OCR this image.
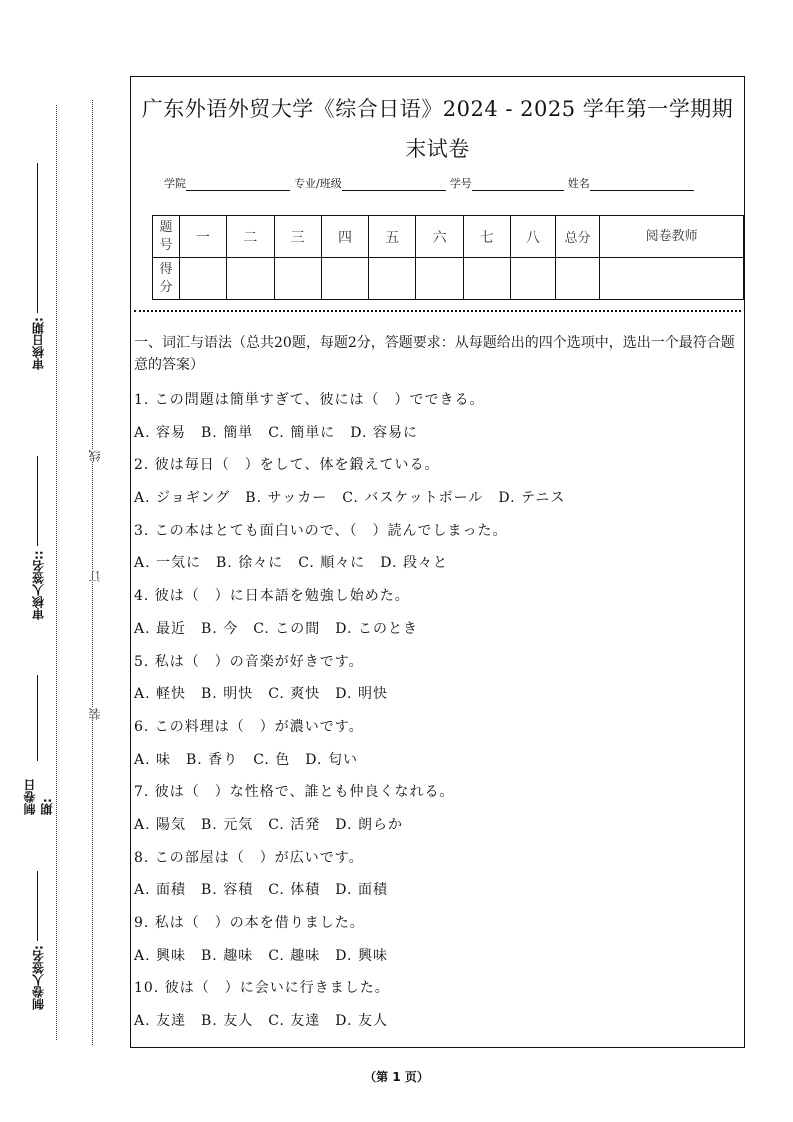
审核日期:
审核人签名::
制卷日期:
制卷人签名:
线
订
装
广东外语外贸大学《综合日语》2024 - 2025 学年第一学期期末试卷
学院	专业/班级	学号	姓名
题号	一	二	三	四	五	六	七	八	总分	阅卷教师
得分										
一、词汇与语法（总共20题，每题2分，答题要求：从每题给出的四个选项中，选出一个最符合题意的答案）
1. この問題は簡単すぎて、彼には（　）でできる。
A. 容易　B. 簡単　C. 簡単に　D. 容易に
2. 彼は毎日（　）をして、体を鍛えている。
A. ジョギング　B. サッカー　C. バスケットボール　D. テニス
3. この本はとても面白いので、（　）読んでしまった。
A. 一気に　B. 徐々に　C. 順々に　D. 段々と
4. 彼は（　）に日本語を勉強し始めた。
A. 最近　B. 今　C. この間　D. このとき
5. 私は（　）の音楽が好きです。
A. 軽快　B. 明快　C. 爽快　D. 明快
6. この料理は（　）が濃いです。
A. 味　B. 香り　C. 色　D. 匂い
7. 彼は（　）な性格で、誰とも仲良くなれる。
A. 陽気　B. 元気　C. 活発　D. 朗らか
8. この部屋は（　）が広いです。
A. 面積　B. 容積　C. 体積　D. 面積
9. 私は（　）の本を借りました。
A. 興味　B. 趣味　C. 趣味　D. 興味
10. 彼は（　）に会いに行きました。
A. 友達　B. 友人　C. 友達　D. 友人
（第 1 页）
